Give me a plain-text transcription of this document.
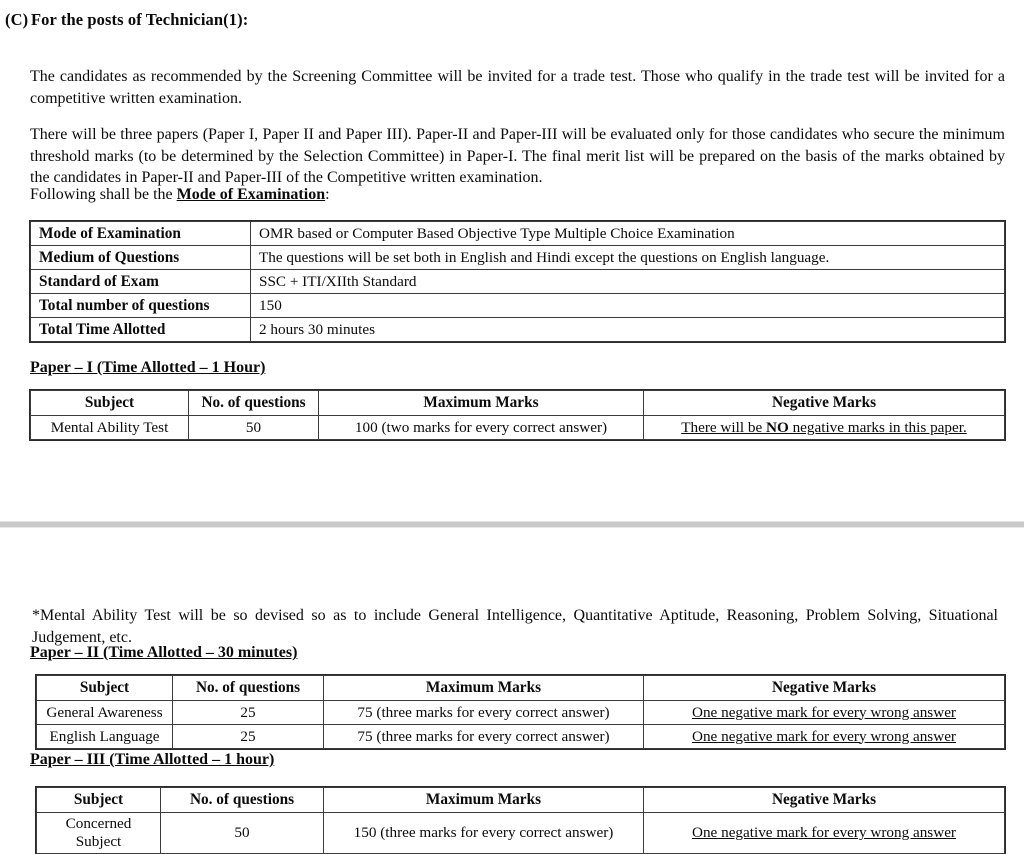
(C) For the posts of Technician(1):

The candidates as recommended by the Screening Committee will be invited for a trade test. Those who qualify in the trade test will be invited for a competitive written examination.

There will be three papers (Paper I, Paper II and Paper III). Paper-II and Paper-III will be evaluated only for those candidates who secure the minimum threshold marks (to be determined by the Selection Committee) in Paper-I. The final merit list will be prepared on the basis of the marks obtained by the candidates in Paper-II and Paper-III of the Competitive written examination.

Following shall be the Mode of Examination:
Mode of Examination	OMR based or Computer Based Objective Type Multiple Choice Examination
Medium of Questions	The questions will be set both in English and Hindi except the questions on English language.
Standard of Exam	SSC + ITI/XIIth Standard
Total number of questions	150
Total Time Allotted	2 hours 30 minutes
Paper – I (Time Allotted – 1 Hour)
Subject	No. of questions	Maximum Marks	Negative Marks
Mental Ability Test	50	100 (two marks for every correct answer)	There will be NO negative marks in this paper.

*Mental Ability Test will be so devised so as to include General Intelligence, Quantitative Aptitude, Reasoning, Problem Solving, Situational Judgement, etc.

Paper – II (Time Allotted – 30 minutes)
Subject	No. of questions	Maximum Marks	Negative Marks
General Awareness	25	75 (three marks for every correct answer)	One negative mark for every wrong answer
English Language	25	75 (three marks for every correct answer)	One negative mark for every wrong answer
Paper – III (Time Allotted – 1 hour)
Subject	No. of questions	Maximum Marks	Negative Marks
Concerned Subject	50	150 (three marks for every correct answer)	One negative mark for every wrong answer
